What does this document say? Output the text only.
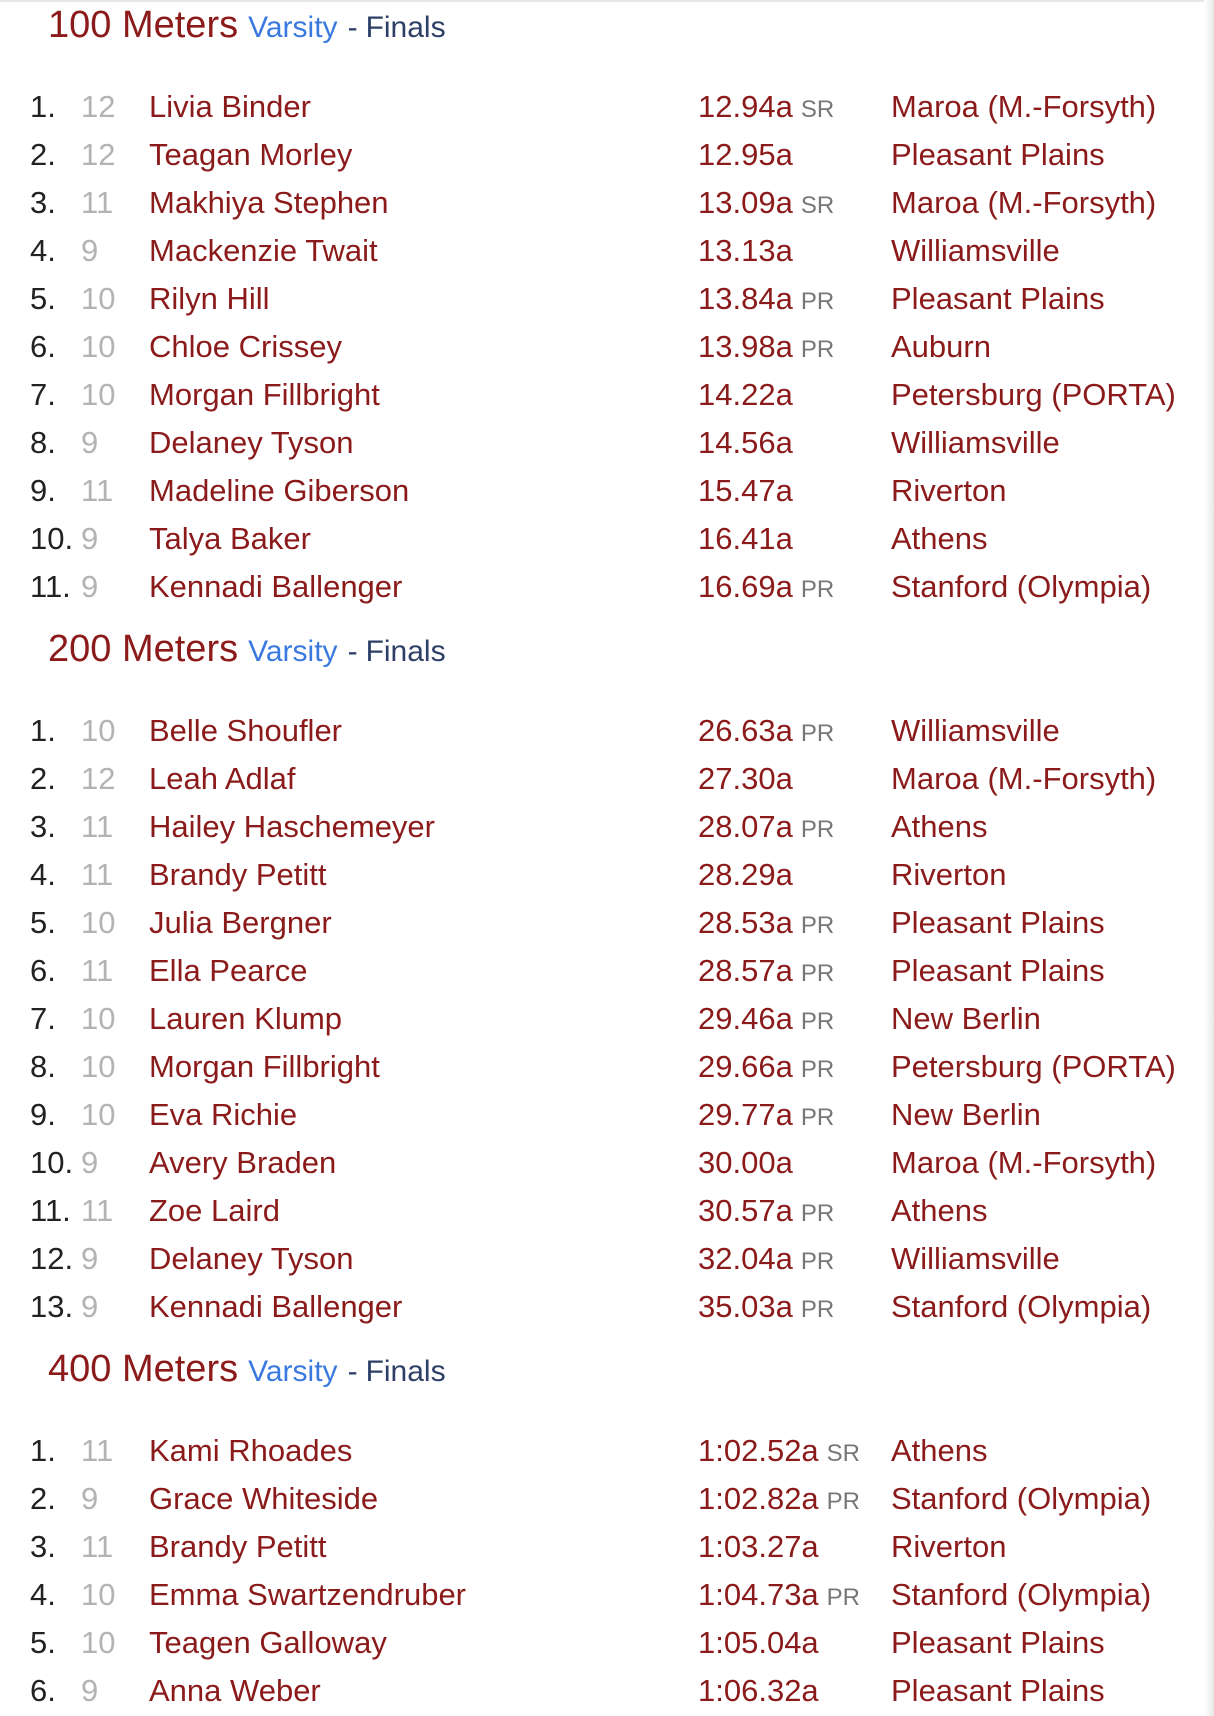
100 Meters Varsity - Finals
1. 12 Livia Binder	12.94a SR Maroa (M.-Forsyth)
2. 12 Teagan Morley	12.95a	Pleasant Plains
3. 11 Makhiya Stephen	13.09a SR Maroa (M.-Forsyth)
4. 9 Mackenzie Twait	13.13a	Williamsville
5. 10 Rilyn Hill	13.84a PR Pleasant Plains
6. 10 Chloe Crissey	13.98a PR Auburn
7. 10 Morgan Fillbright	14.22a	Petersburg (PORTA)
8. 9 Delaney Tyson	14.56a	Williamsville
9. 11 Madeline Giberson	15.47a	Riverton
10. 9 Talya Baker	16.41a	Athens
11. 9 Kennadi Ballenger	16.69a PR Stanford (Olympia)
200 Meters Varsity - Finals
1. 10 Belle Shoufler	26.63a PR Williamsville
2. 12 Leah Adlaf	27.30a	Maroa (M.-Forsyth)
3. 11 Hailey Haschemeyer	28.07a PR Athens
4. 11 Brandy Petitt	28.29a	Riverton
5. 10 Julia Bergner	28.53a PR Pleasant Plains
6. 11 Ella Pearce	28.57a PR Pleasant Plains
7. 10 Lauren Klump	29.46a PR New Berlin
8. 10 Morgan Fillbright	29.66a PR Petersburg (PORTA)
9. 10 Eva Richie	29.77a PR New Berlin
10. 9 Avery Braden	30.00a	Maroa (M.-Forsyth)
11. 11 Zoe Laird	30.57a PR Athens
12. 9 Delaney Tyson	32.04a PR Williamsville
13. 9 Kennadi Ballenger	35.03a PR Stanford (Olympia)
400 Meters Varsity - Finals
1. 11 Kami Rhoades	1:02.52a SR Athens
2. 9 Grace Whiteside	1:02.82a PR Stanford (Olympia)
3. 11 Brandy Petitt	1:03.27a Riverton
4. 10 Emma Swartzendruber	1:04.73a PR Stanford (Olympia)
5. 10 Teagen Galloway	1:05.04a Pleasant Plains
6. 9 Anna Weber	1:06.32a Pleasant Plains
